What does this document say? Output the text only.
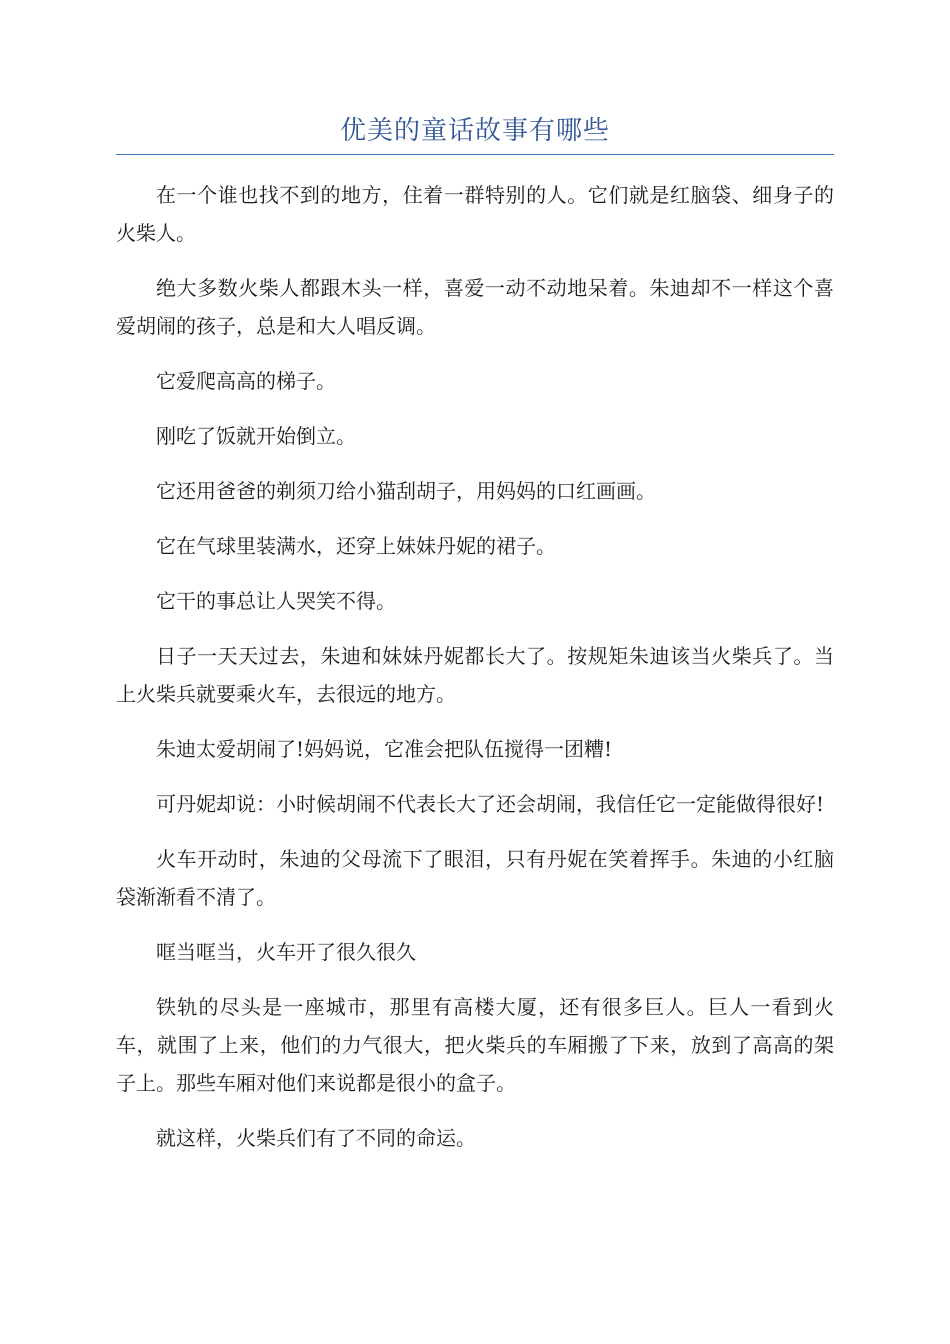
优美的童话故事有哪些

在一个谁也找不到的地方，住着一群特别的人。它们就是红脑袋、细身子的火柴人。

绝大多数火柴人都跟木头一样，喜爱一动不动地呆着。朱迪却不一样这个喜爱胡闹的孩子，总是和大人唱反调。

它爱爬高高的梯子。

刚吃了饭就开始倒立。

它还用爸爸的剃须刀给小猫刮胡子，用妈妈的口红画画。

它在气球里装满水，还穿上妹妹丹妮的裙子。

它干的事总让人哭笑不得。

日子一天天过去，朱迪和妹妹丹妮都长大了。按规矩朱迪该当火柴兵了。当上火柴兵就要乘火车，去很远的地方。

朱迪太爱胡闹了!妈妈说，它准会把队伍搅得一团糟!

可丹妮却说：小时候胡闹不代表长大了还会胡闹，我信任它一定能做得很好!

火车开动时，朱迪的父母流下了眼泪，只有丹妮在笑着挥手。朱迪的小红脑袋渐渐看不清了。

哐当哐当，火车开了很久很久

铁轨的尽头是一座城市，那里有高楼大厦，还有很多巨人。巨人一看到火车，就围了上来，他们的力气很大，把火柴兵的车厢搬了下来，放到了高高的架子上。那些车厢对他们来说都是很小的盒子。

就这样，火柴兵们有了不同的命运。
